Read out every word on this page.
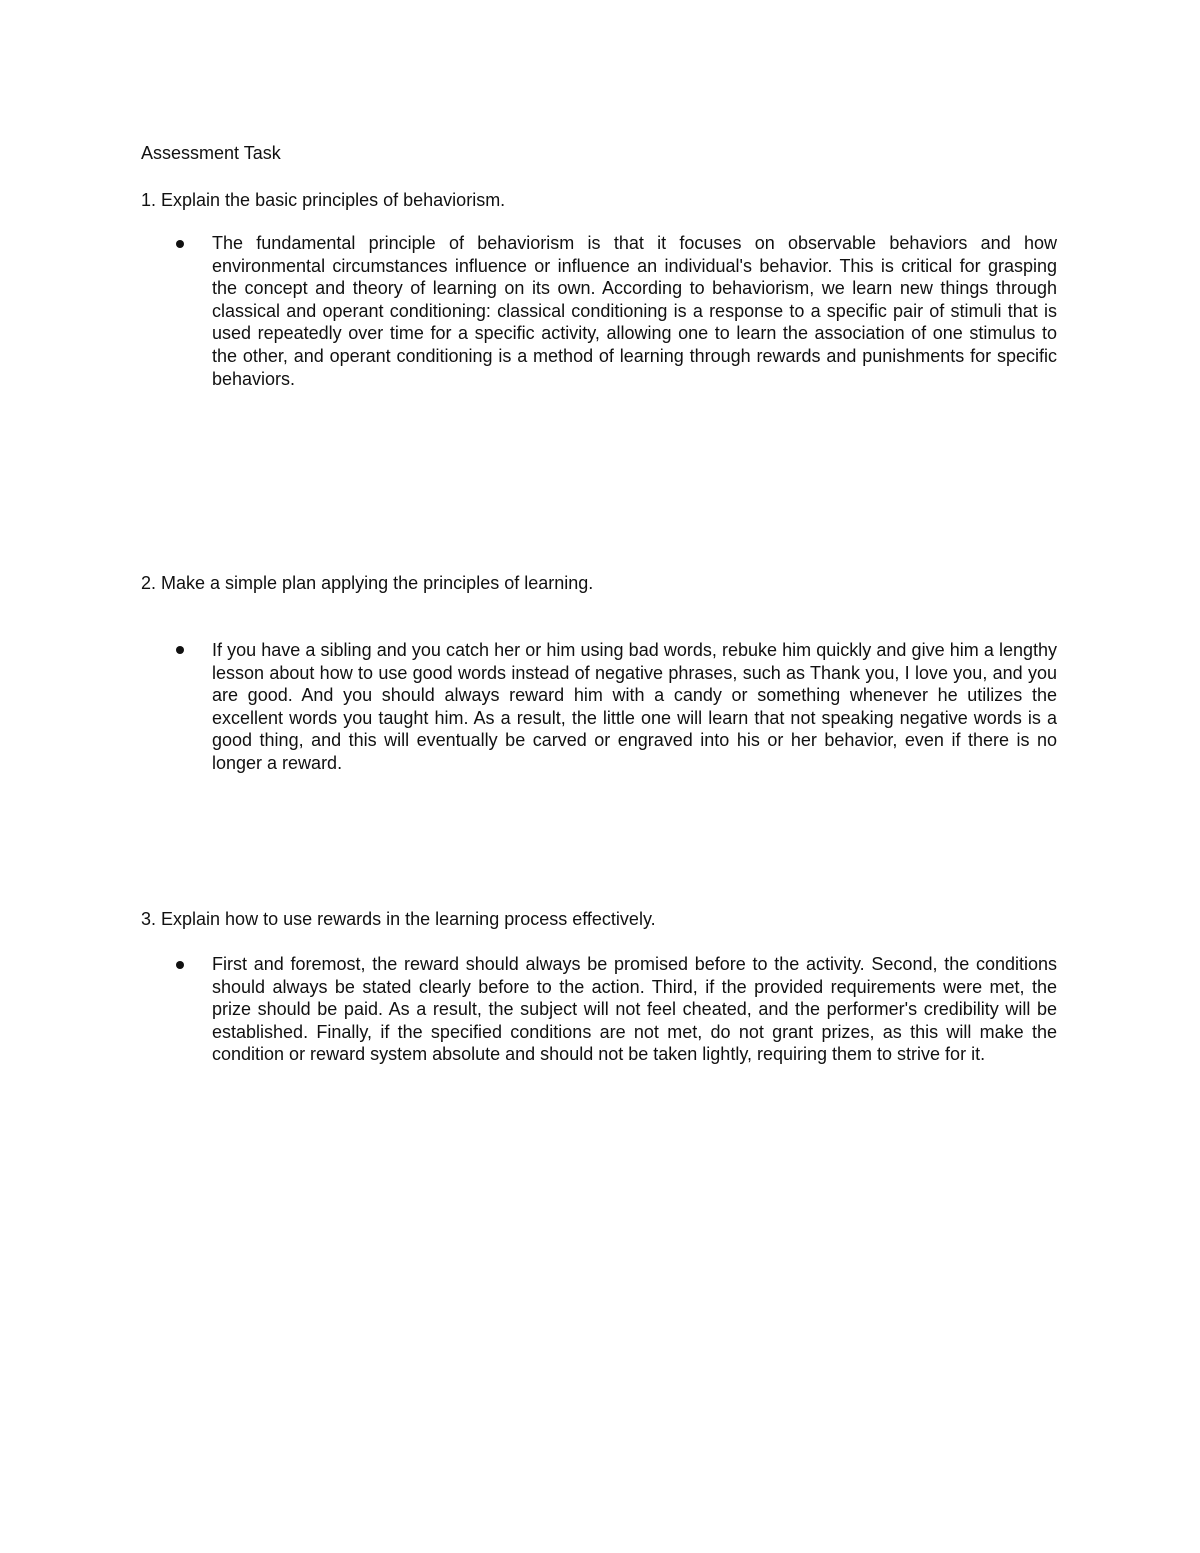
Assessment Task

1. Explain the basic principles of behaviorism.

The fundamental principle of behaviorism is that it focuses on observable behaviors and how environmental circumstances influence or influence an individual's behavior. This is critical for grasping the concept and theory of learning on its own. According to behaviorism, we learn new things through classical and operant conditioning: classical conditioning is a response to a specific pair of stimuli that is used repeatedly over time for a specific activity, allowing one to learn the association of one stimulus to the other, and operant conditioning is a method of learning through rewards and punishments for specific behaviors.

2. Make a simple plan applying the principles of learning.

If you have a sibling and you catch her or him using bad words, rebuke him quickly and give him a lengthy lesson about how to use good words instead of negative phrases, such as Thank you, I love you, and you are good. And you should always reward him with a candy or something whenever he utilizes the excellent words you taught him. As a result, the little one will learn that not speaking negative words is a good thing, and this will eventually be carved or engraved into his or her behavior, even if there is no longer a reward.

3. Explain how to use rewards in the learning process effectively.

First and foremost, the reward should always be promised before to the activity. Second, the conditions should always be stated clearly before to the action. Third, if the provided requirements were met, the prize should be paid. As a result, the subject will not feel cheated, and the performer's credibility will be established. Finally, if the specified conditions are not met, do not grant prizes, as this will make the condition or reward system absolute and should not be taken lightly, requiring them to strive for it.
